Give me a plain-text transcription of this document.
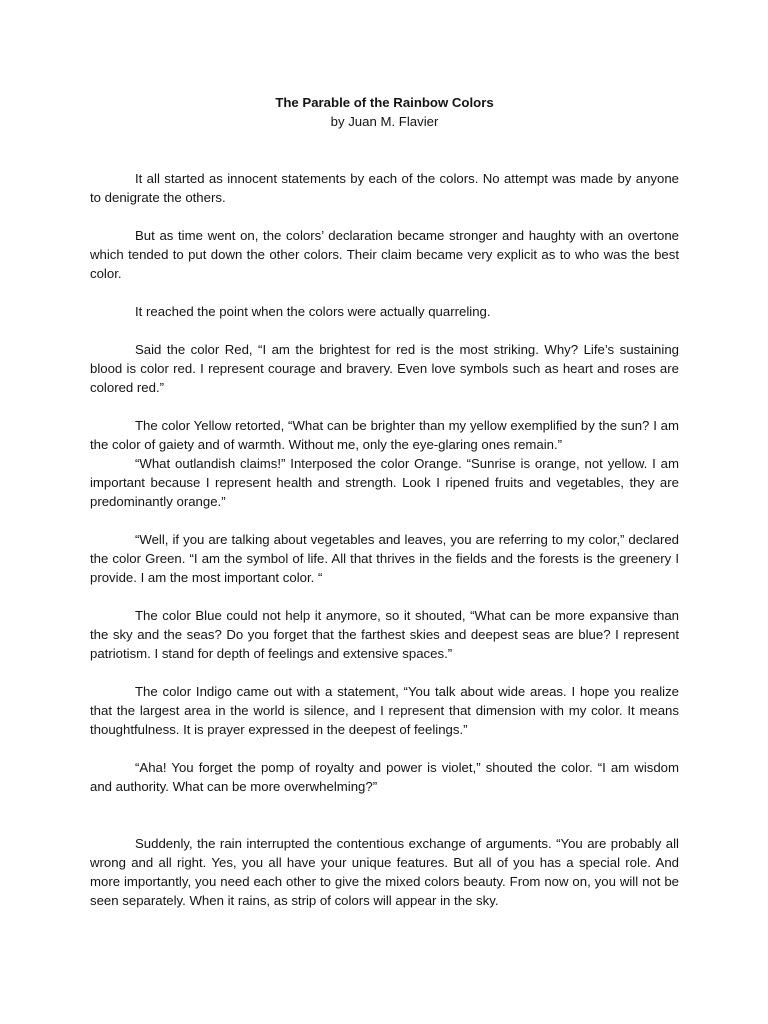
The Parable of the Rainbow Colors
by Juan M. Flavier

It all started as innocent statements by each of the colors. No attempt was made by anyone to denigrate the others.

But as time went on, the colors’ declaration became stronger and haughty with an overtone which tended to put down the other colors. Their claim became very explicit as to who was the best color.

It reached the point when the colors were actually quarreling.

Said the color Red, “I am the brightest for red is the most striking. Why? Life’s sustaining blood is color red. I represent courage and bravery. Even love symbols such as heart and roses are colored red.”

The color Yellow retorted, “What can be brighter than my yellow exemplified by the sun? I am the color of gaiety and of warmth. Without me, only the eye-glaring ones remain.”

“What outlandish claims!” Interposed the color Orange. “Sunrise is orange, not yellow. I am important because I represent health and strength. Look I ripened fruits and vegetables, they are predominantly orange.”

“Well, if you are talking about vegetables and leaves, you are referring to my color,” declared the color Green. “I am the symbol of life. All that thrives in the fields and the forests is the greenery I provide. I am the most important color. “

The color Blue could not help it anymore, so it shouted, “What can be more expansive than the sky and the seas? Do you forget that the farthest skies and deepest seas are blue? I represent patriotism. I stand for depth of feelings and extensive spaces.”

The color Indigo came out with a statement, “You talk about wide areas. I hope you realize that the largest area in the world is silence, and I represent that dimension with my color. It means thoughtfulness. It is prayer expressed in the deepest of feelings.”

“Aha! You forget the pomp of royalty and power is violet,” shouted the color. “I am wisdom and authority. What can be more overwhelming?”

Suddenly, the rain interrupted the contentious exchange of arguments. “You are probably all wrong and all right. Yes, you all have your unique features. But all of you has a special role. And more importantly, you need each other to give the mixed colors beauty. From now on, you will not be seen separately. When it rains, as strip of colors will appear in the sky.
